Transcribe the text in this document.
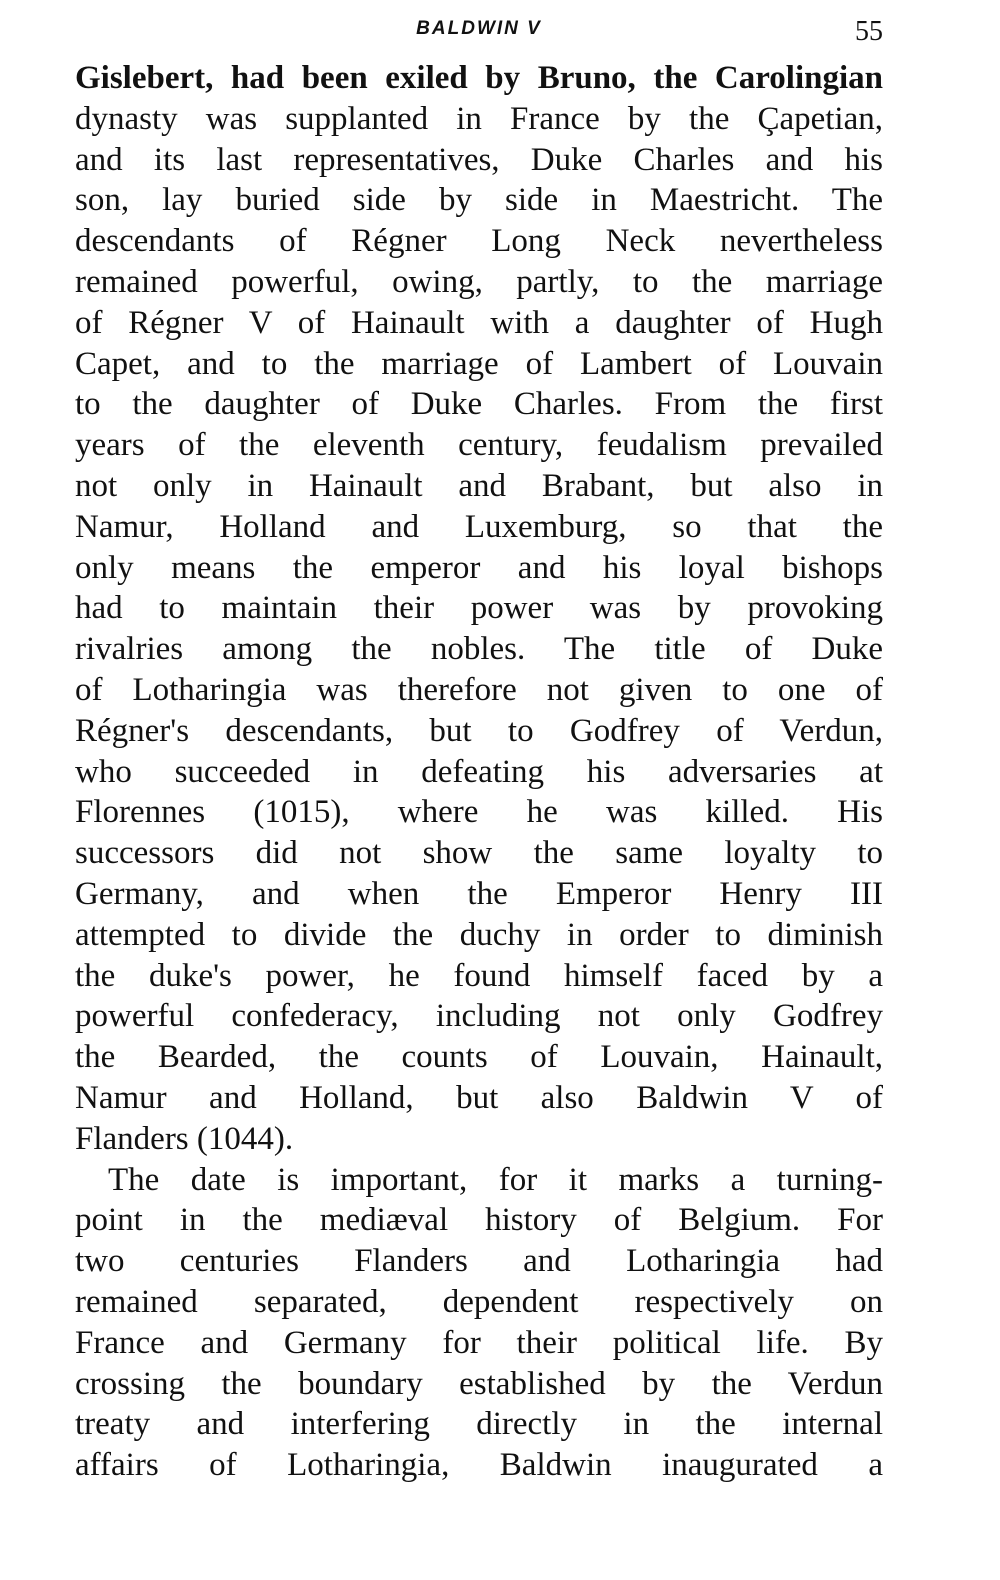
BALDWIN V	55
Gislebert, had been exiled by Bruno, the Carolingian
dynasty was supplanted in France by the Çapetian,
and its last representatives, Duke Charles and his
son, lay buried side by side in Maestricht. The
descendants of Régner Long Neck nevertheless
remained powerful, owing, partly, to the marriage
of Régner V of Hainault with a daughter of Hugh
Capet, and to the marriage of Lambert of Louvain
to the daughter of Duke Charles. From the first
years of the eleventh century, feudalism prevailed
not only in Hainault and Brabant, but also in
Namur, Holland and Luxemburg, so that the
only means the emperor and his loyal bishops
had to maintain their power was by provoking
rivalries among the nobles. The title of Duke
of Lotharingia was therefore not given to one of
Régner's descendants, but to Godfrey of Verdun,
who succeeded in defeating his adversaries at
Florennes (1015), where he was killed. His
successors did not show the same loyalty to
Germany, and when the Emperor Henry III
attempted to divide the duchy in order to diminish
the duke's power, he found himself faced by a
powerful confederacy, including not only Godfrey
the Bearded, the counts of Louvain, Hainault,
Namur and Holland, but also Baldwin V of
Flanders (1044).
The date is important, for it marks a turning-
point in the mediæval history of Belgium. For
two centuries Flanders and Lotharingia had
remained separated, dependent respectively on
France and Germany for their political life. By
crossing the boundary established by the Verdun
treaty and interfering directly in the internal
affairs of Lotharingia, Baldwin inaugurated a
